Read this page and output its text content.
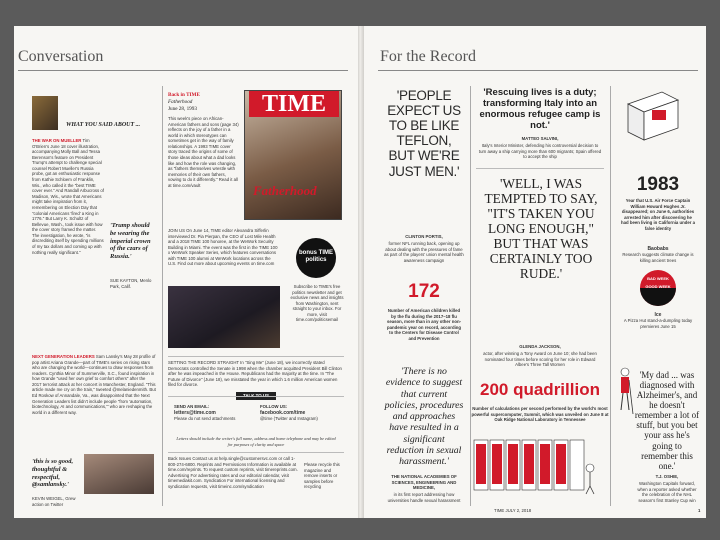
Conversation
WHAT YOU SAID ABOUT ...
THE WAR ON MUELLER Tim O'Brien's June 18 cover illustration, accompanying Molly Ball and Tessa Berenson's feature on President Trump's attempt to challenge special counsel Robert Mueller's Russia probe, got an enthusiastic response from Kathie Schloem of Franklin, Wis., who called it the "best TIME cover ever." And Randall Arbucross of Madison, Wis., wrote that Americans might take inspiration from it, remembering on Election Day that "colonial Americans 'fired' a King in 1776." But Larry K. Schultz of Bellevue, Wash., took issue with how the cover story framed the matter. The investigation, he wrote, "is discrediting itself by spending millions of my tax dollars and coming up with nothing really significant."
'Trump should be wearing the imperial crown of the czars of Russia.'
SUE KAYTON, Menlo Park, Calif.
NEXT GENERATION LEADERS Sam Lansky's May 28 profile of pop artist Ariana Grande—part of TIME's series on rising stars who are changing the world—continues to draw responses from readers. Cynthia Minor of Summerville, S.C., found inspiration in how Grande "used her own grief to comfort others" after the 2017 terrorist attack at her concert in Manchester, England. "This article made me cry on the train," tweeted @melaniedenmith. But Ed Roskow of Annandale, Va., was disappointed that the Next Generation Leaders list didn't include people "from 'automation, biotechnology, AI and communications,'" who are reshaping the world in a different way.
'this is so good, thoughtful & respectful, @samlansky.'
KEVIN WEIGEL, Grew action on Twitter
Back in TIME
Fatherhood
June 28, 1993
This week's piece on African-American fathers and sons (page 34) reflects on the joy of a father in a world in which stereotypes can sometimes get in the way of family relationships. A 1993 TIME cover story traced the origins of some of those ideas about what a dad looks like and how the role was changing, as "fathers themselves wrestle with memories of their own fathers, vowing to do it differently." Read it all at time.com/vault
TIME
Fatherhood
JOIN US On June 14, TIME editor Alexandra Sifferlin interviewed Dr. Pia Pierpan, the CEO of Lost Mile Health and a 2018 TIME 100 honoree, at the WeWork Security Building in Miami. The event was the first in the TIME 100 x WeWork Speaker Series, which features conversations with TIME 100 alumni at WeWork locations across the U.S. Find out more about upcoming events on time.com
bonus TIME politics
Subscribe to TIME's free politics newsletter and get exclusive news and insights from Washington, sent straight to your inbox. For more, visit time.com/politicsemail
SETTING THE RECORD STRAIGHT In "Sing Me" (June 18), we incorrectly stated Democrats controlled the Senate in 1998 when the chamber acquitted President Bill Clinton after he was impeached in the House. Republicans had the majority at the time. In "The Future of Divorce" (June 18), we misstated the year in which 1.6 million American women filed for divorce.
SEND AN EMAIL:
letters@time.com
Please do not send attachments
FOLLOW US:
facebook.com/time
@time (Twitter and Instagram)
Letters should include the writer's full name, address and home telephone and may be edited for purposes of clarity and space
Back Issues Contact us at help.single@customersvc.com or call 1-800-274-6800. Reprints and Permissions Information is available at time.com/reprints. To request custom reprints, visit timereprints.com. Advertising For advertising rates and our editorial calendar, visit timemediakit.com. Syndication For international licensing and syndication requests, visit timeinc.com/syndication
Please recycle this magazine and remove inserts or samples before recycling
For the Record
'PEOPLE EXPECT US TO BE LIKE TEFLON, BUT WE'RE JUST MEN.'
CLINTON PORTIS,
former NFL running back, opening up about dealing with the pressures of fame as part of the players' union mental health awareness campaign
172
Number of American children killed by the flu during the 2017–18 flu season, more than in any other non-pandemic year on record, according to the Centers for Disease Control and Prevention
'There is no evidence to suggest that current policies, procedures and approaches have resulted in a significant reduction in sexual harassment.'
THE NATIONAL ACADEMIES OF SCIENCES, ENGINEERING AND MEDICINE,
in its first report addressing how universities handle sexual harassment
'Rescuing lives is a duty; transforming Italy into an enormous refugee camp is not.'
MATTEO SALVINI,
Italy's Interior Minister, defending his controversial decision to turn away a ship carrying more than 600 migrants; Spain offered to accept the ship
'WELL, I WAS TEMPTED TO SAY, "IT'S TAKEN YOU LONG ENOUGH," BUT THAT WAS CERTAINLY TOO RUDE.'
GLENDA JACKSON,
actor, after winning a Tony Award on June 10; she had been nominated four times before scoring for her role in Edward Albee's Three Tall Women
200 quadrillion
Number of calculations per second performed by the world's most powerful supercomputer, Summit, which was unveiled on June 8 at Oak Ridge National Laboratory in Tennessee
1983
Year that U.S. Air Force Captain William Howard Hughes Jr. disappeared; on June 6, authorities arrested him after discovering he had been living in California under a false identity
Baobabs
Research suggests climate change is killing ancient trees
BAD WEEK
GOOD WEEK
Ice
A Pizza Hut stand-a-dumpling today premieres June 15
'My dad ... was diagnosed with Alzheimer's, and he doesn't remember a lot of stuff, but you bet your ass he's going to remember this one.'
T.J. OSHIE,
Washington Capitals forward, when a reporter asked whether the celebration of the NHL season's first Stanley Cup win
TIME JULY 2, 2018	1
